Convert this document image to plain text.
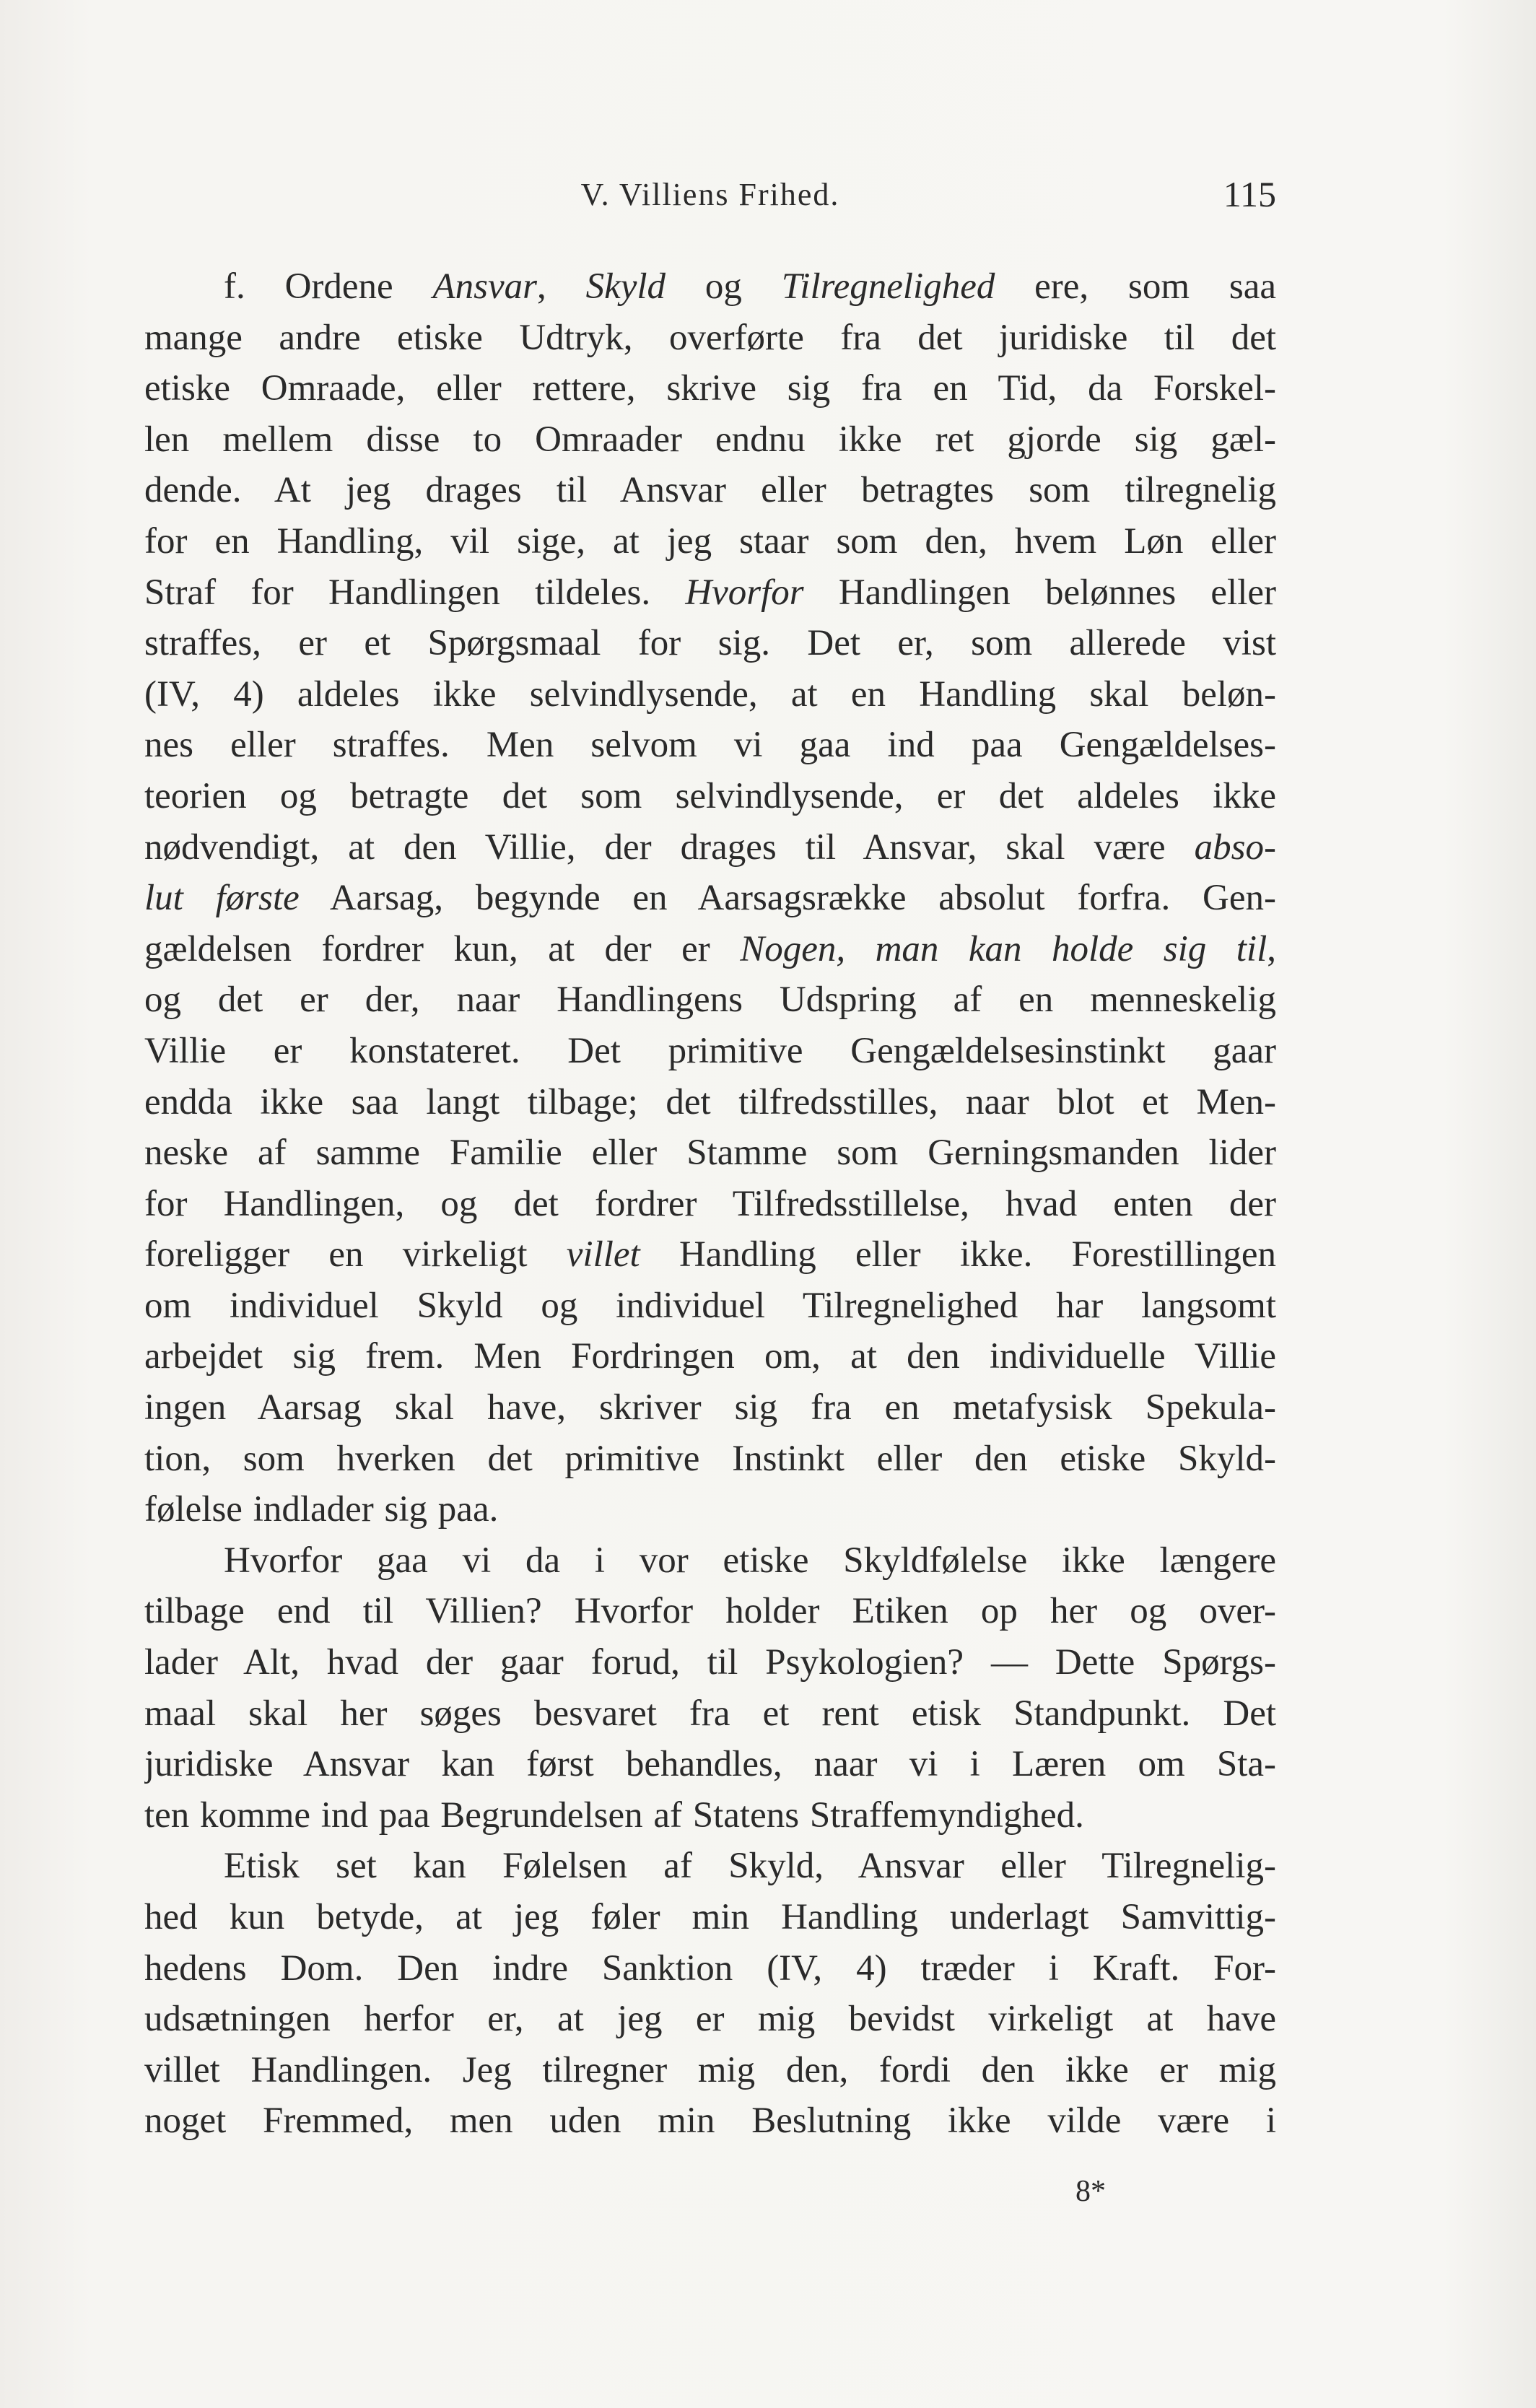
V. Villiens Frihed.	115
f. Ordene Ansvar, Skyld og Tilregnelighed ere, som saa
mange andre etiske Udtryk, overførte fra det juridiske til det
etiske Omraade, eller rettere, skrive sig fra en Tid, da Forskel-
len mellem disse to Omraader endnu ikke ret gjorde sig gæl-
dende. At jeg drages til Ansvar eller betragtes som tilregnelig
for en Handling, vil sige, at jeg staar som den, hvem Løn eller
Straf for Handlingen tildeles. Hvorfor Handlingen belønnes eller
straffes, er et Spørgsmaal for sig. Det er, som allerede vist
(IV, 4) aldeles ikke selvindlysende, at en Handling skal beløn-
nes eller straffes. Men selvom vi gaa ind paa Gengældelses-
teorien og betragte det som selvindlysende, er det aldeles ikke
nødvendigt, at den Villie, der drages til Ansvar, skal være abso-
lut første Aarsag, begynde en Aarsagsrække absolut forfra. Gen-
gældelsen fordrer kun, at der er Nogen, man kan holde sig til,
og det er der, naar Handlingens Udspring af en menneskelig
Villie er konstateret. Det primitive Gengældelsesinstinkt gaar
endda ikke saa langt tilbage; det tilfredsstilles, naar blot et Men-
neske af samme Familie eller Stamme som Gerningsmanden lider
for Handlingen, og det fordrer Tilfredsstillelse, hvad enten der
foreligger en virkeligt villet Handling eller ikke. Forestillingen
om individuel Skyld og individuel Tilregnelighed har langsomt
arbejdet sig frem. Men Fordringen om, at den individuelle Villie
ingen Aarsag skal have, skriver sig fra en metafysisk Spekula-
tion, som hverken det primitive Instinkt eller den etiske Skyld-
følelse indlader sig paa.
Hvorfor gaa vi da i vor etiske Skyldfølelse ikke længere
tilbage end til Villien? Hvorfor holder Etiken op her og over-
lader Alt, hvad der gaar forud, til Psykologien? — Dette Spørgs-
maal skal her søges besvaret fra et rent etisk Standpunkt. Det
juridiske Ansvar kan først behandles, naar vi i Læren om Sta-
ten komme ind paa Begrundelsen af Statens Straffemyndighed.
Etisk set kan Følelsen af Skyld, Ansvar eller Tilregnelig-
hed kun betyde, at jeg føler min Handling underlagt Samvittig-
hedens Dom. Den indre Sanktion (IV, 4) træder i Kraft. For-
udsætningen herfor er, at jeg er mig bevidst virkeligt at have
villet Handlingen. Jeg tilregner mig den, fordi den ikke er mig
noget Fremmed, men uden min Beslutning ikke vilde være i
8*
